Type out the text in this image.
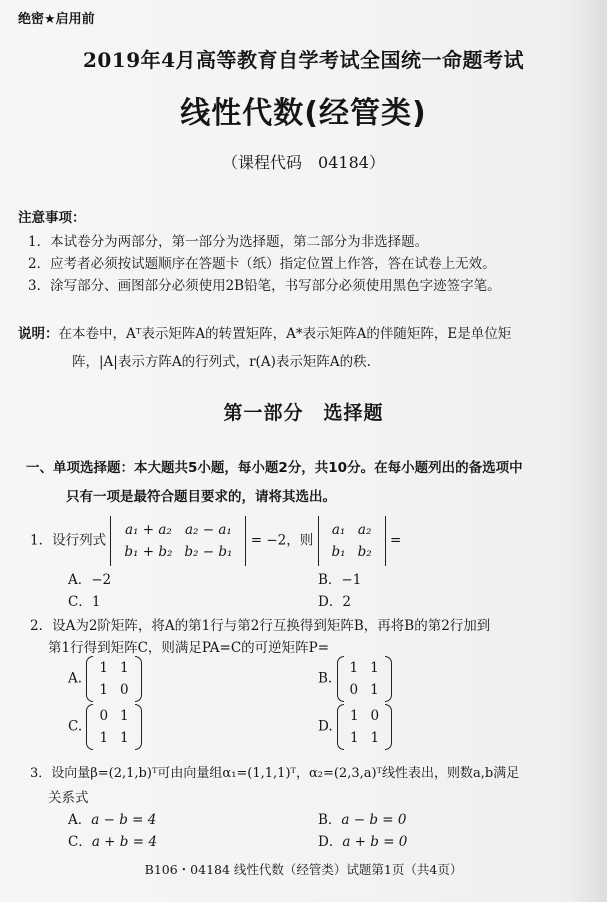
绝密★启用前
2019年4月高等教育自学考试全国统一命题考试
线性代数(经管类)
（课程代码　04184）
注意事项：
1．本试卷分为两部分，第一部分为选择题，第二部分为非选择题。
2．应考者必须按试题顺序在答题卡（纸）指定位置上作答，答在试卷上无效。
3．涂写部分、画图部分必须使用2B铅笔，书写部分必须使用黑色字迹签字笔。
说明：在本卷中，Aᵀ表示矩阵A的转置矩阵，A*表示矩阵A的伴随矩阵，E是单位矩
阵，|A|表示方阵A的行列式，r(A)表示矩阵A的秩.
第一部分　选择题
一、单项选择题：本大题共5小题，每小题2分，共10分。在每小题列出的备选项中
只有一项是最符合题目要求的，请将其选出。
1．设行列式
a₁ + a₂	a₂ − a₁
b₁ + b₂	b₂ − b₁
= −2，则
a₁	a₂
b₁	b₂
=
A．−2	B．−1
C．1	D．2
2．设A为2阶矩阵，将A的第1行与第2行互换得到矩阵B，再将B的第2行加到
第1行得到矩阵C，则满足PA=C的可逆矩阵P=
A.
1	1
1	0
B.
1	1
0	1
C.
0	1
1	1
D.
1	0
1	1
3．设向量β=(2,1,b)ᵀ可由向量组α₁=(1,1,1)ᵀ，α₂=(2,3,a)ᵀ线性表出，则数a,b满足
关系式
A．a − b = 4	B．a − b = 0
C．a + b = 4	D．a + b = 0
B106・04184 线性代数（经管类）试题第1页（共4页）
